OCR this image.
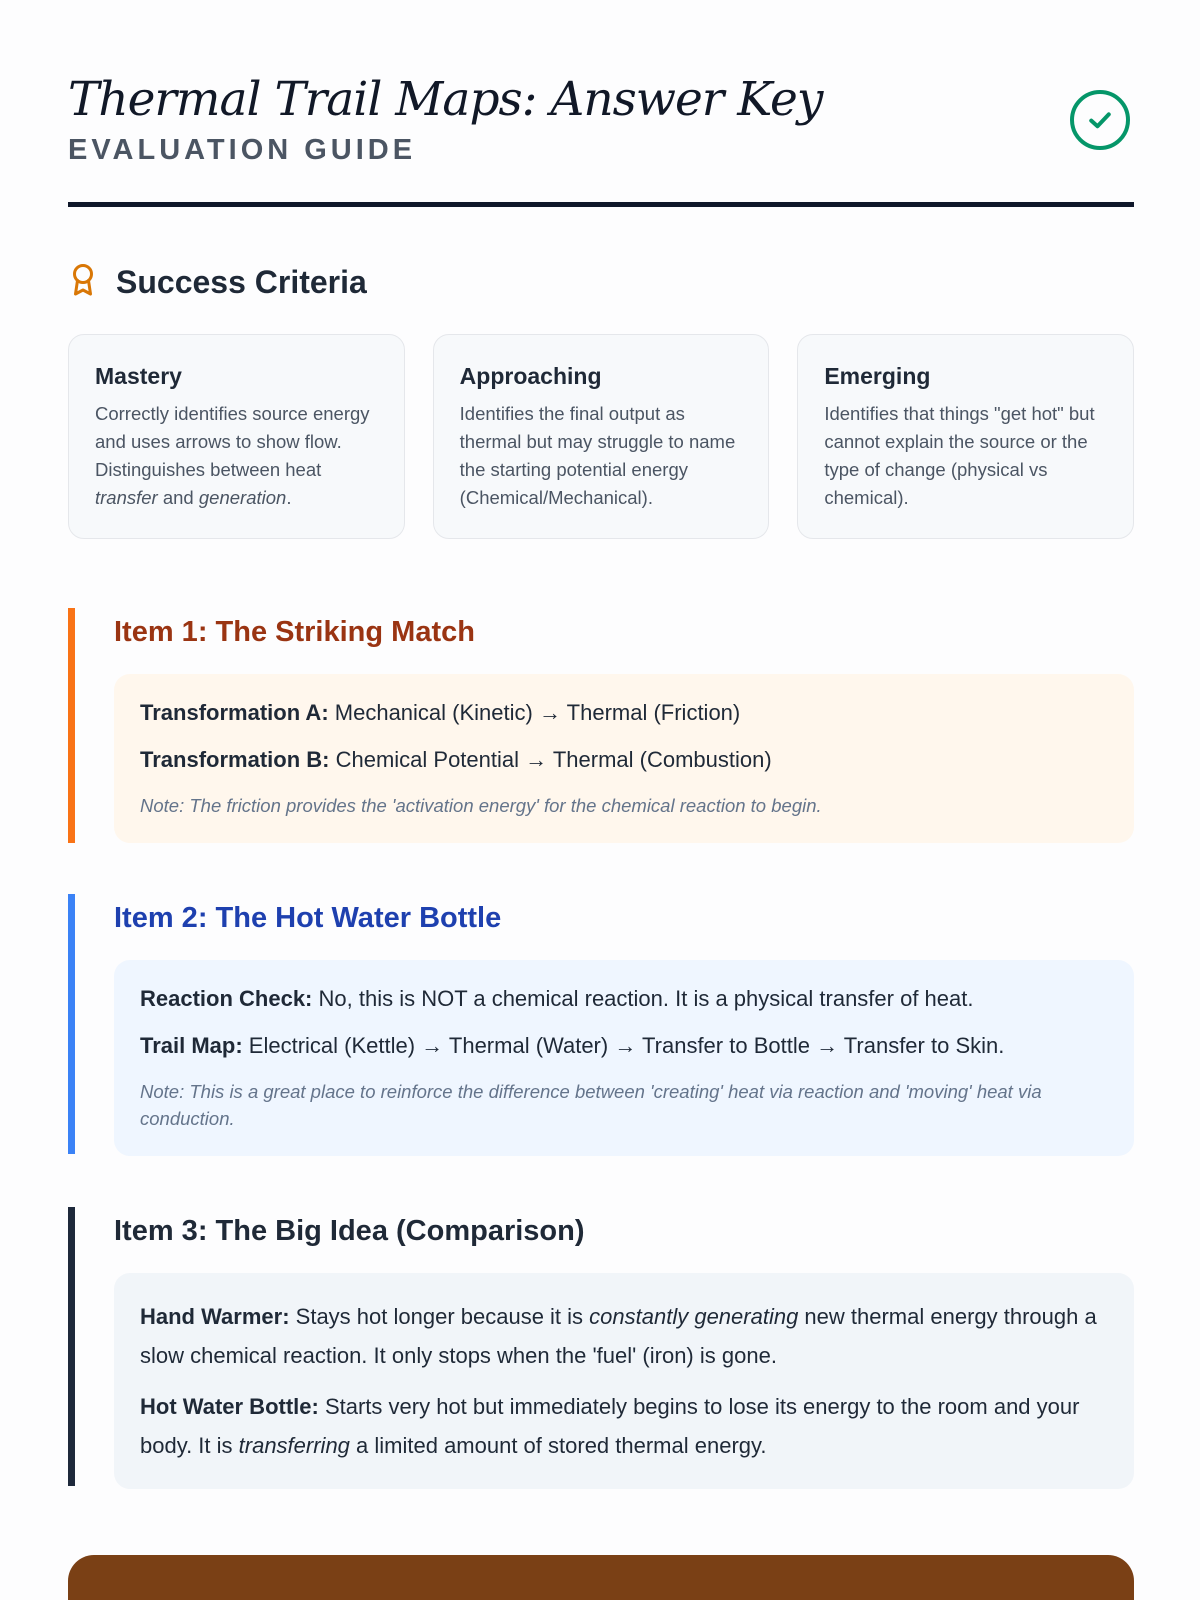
Thermal Trail Maps: Answer Key
EVALUATION GUIDE
Success Criteria
Mastery

Correctly identifies source energy and uses arrows to show flow. Distinguishes between heat transfer and generation.

Approaching

Identifies the final output as thermal but may struggle to name the starting potential energy (Chemical/Mechanical).

Emerging

Identifies that things "get hot" but cannot explain the source or the type of change (physical vs chemical).

Item 1: The Striking Match
Transformation A: Mechanical (Kinetic) → Thermal (Friction)
Transformation B: Chemical Potential → Thermal (Combustion)
Note: The friction provides the 'activation energy' for the chemical reaction to begin.
Item 2: The Hot Water Bottle
Reaction Check: No, this is NOT a chemical reaction. It is a physical transfer of heat.
Trail Map: Electrical (Kettle) → Thermal (Water) → Transfer to Bottle → Transfer to Skin.
Note: This is a great place to reinforce the difference between 'creating' heat via reaction and 'moving' heat via conduction.
Item 3: The Big Idea (Comparison)
Hand Warmer: Stays hot longer because it is constantly generating new thermal energy through a slow chemical reaction. It only stops when the 'fuel' (iron) is gone.
Hot Water Bottle: Starts very hot but immediately begins to lose its energy to the room and your body. It is transferring a limited amount of stored thermal energy.
